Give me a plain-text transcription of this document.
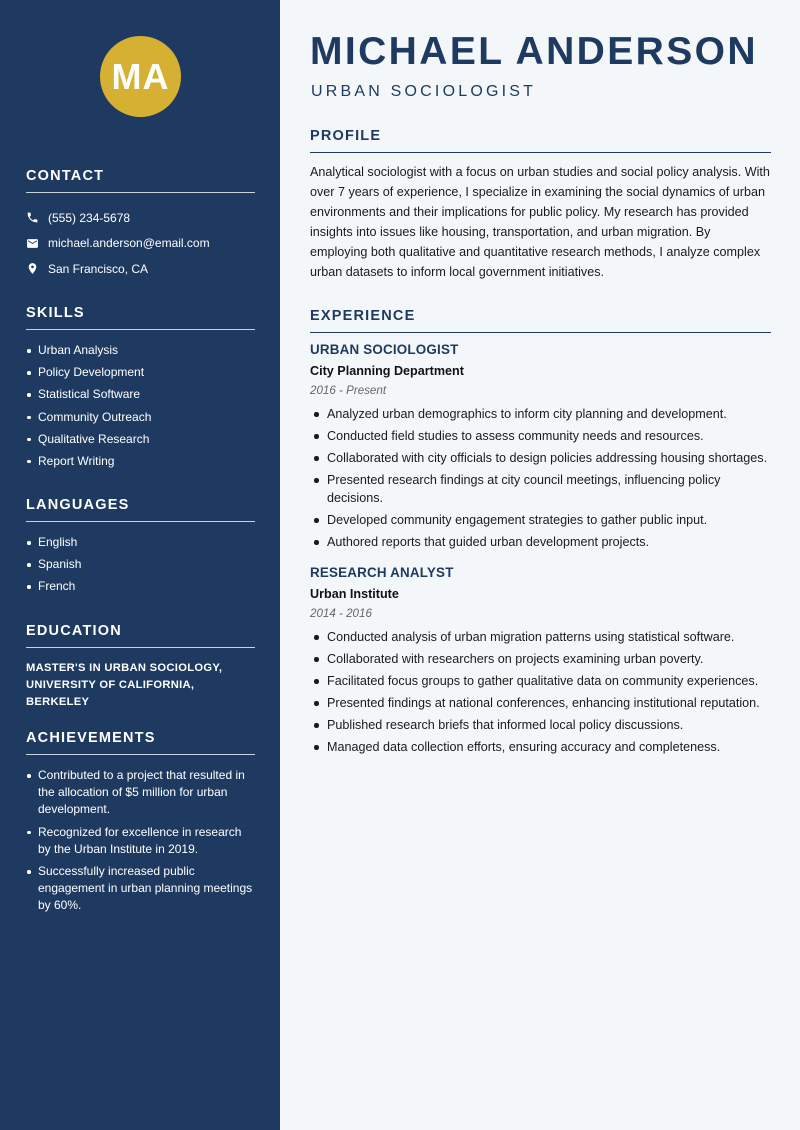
MA
CONTACT
(555) 234-5678
michael.anderson@email.com
San Francisco, CA
SKILLS
Urban Analysis
Policy Development
Statistical Software
Community Outreach
Qualitative Research
Report Writing
LANGUAGES
English
Spanish
French
EDUCATION
MASTER'S IN URBAN SOCIOLOGY,
UNIVERSITY OF CALIFORNIA, BERKELEY
ACHIEVEMENTS
Contributed to a project that resulted in the allocation of $5 million for urban development.
Recognized for excellence in research by the Urban Institute in 2019.
Successfully increased public engagement in urban planning meetings by 60%.
MICHAEL ANDERSON
URBAN SOCIOLOGIST
PROFILE

Analytical sociologist with a focus on urban studies and social policy analysis. With over 7 years of experience, I specialize in examining the social dynamics of urban environments and their implications for public policy. My research has provided insights into issues like housing, transportation, and urban migration. By employing both qualitative and quantitative research methods, I analyze complex urban datasets to inform local government initiatives.

EXPERIENCE
URBAN SOCIOLOGIST
City Planning Department
2016 - Present
Analyzed urban demographics to inform city planning and development.
Conducted field studies to assess community needs and resources.
Collaborated with city officials to design policies addressing housing shortages.
Presented research findings at city council meetings, influencing policy decisions.
Developed community engagement strategies to gather public input.
Authored reports that guided urban development projects.
RESEARCH ANALYST
Urban Institute
2014 - 2016
Conducted analysis of urban migration patterns using statistical software.
Collaborated with researchers on projects examining urban poverty.
Facilitated focus groups to gather qualitative data on community experiences.
Presented findings at national conferences, enhancing institutional reputation.
Published research briefs that informed local policy discussions.
Managed data collection efforts, ensuring accuracy and completeness.
